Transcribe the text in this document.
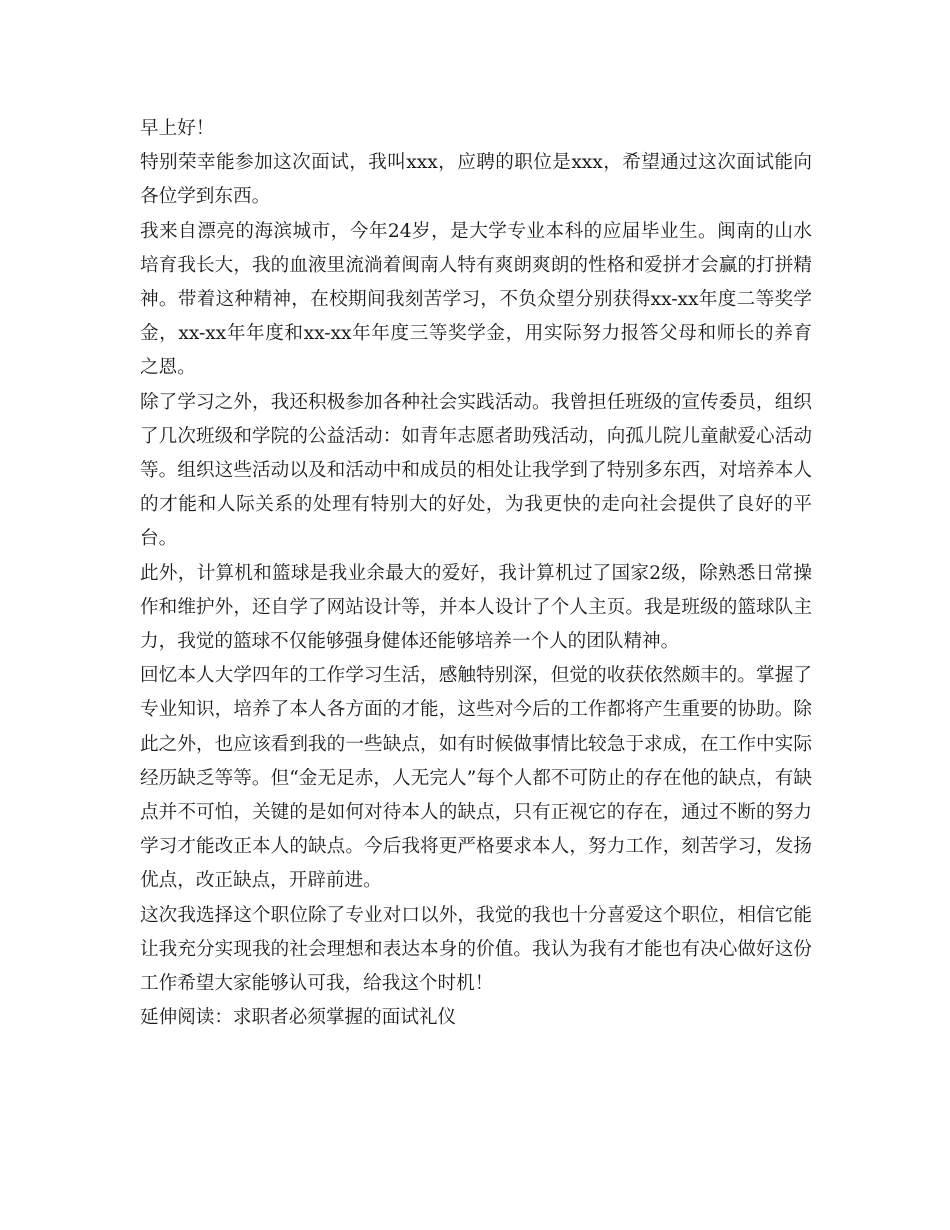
早上好！

特别荣幸能参加这次面试，我叫xxx，应聘的职位是xxx，希望通过这次面试能向各位学到东西。

我来自漂亮的海滨城市，今年24岁，是大学专业本科的应届毕业生。闽南的山水培育我长大，我的血液里流淌着闽南人特有爽朗爽朗的性格和爱拼才会赢的打拼精神。带着这种精神，在校期间我刻苦学习，不负众望分别获得xx-xx年度二等奖学金，xx-xx年年度和xx-xx年年度三等奖学金，用实际努力报答父母和师长的养育之恩。

除了学习之外，我还积极参加各种社会实践活动。我曾担任班级的宣传委员，组织了几次班级和学院的公益活动：如青年志愿者助残活动，向孤儿院儿童献爱心活动等。组织这些活动以及和活动中和成员的相处让我学到了特别多东西，对培养本人的才能和人际关系的处理有特别大的好处，为我更快的走向社会提供了良好的平台。

此外，计算机和篮球是我业余最大的爱好，我计算机过了国家2级，除熟悉日常操作和维护外，还自学了网站设计等，并本人设计了个人主页。我是班级的篮球队主力，我觉的篮球不仅能够强身健体还能够培养一个人的团队精神。

回忆本人大学四年的工作学习生活，感触特别深，但觉的收获依然颇丰的。掌握了专业知识，培养了本人各方面的才能，这些对今后的工作都将产生重要的协助。除此之外，也应该看到我的一些缺点，如有时候做事情比较急于求成，在工作中实际经历缺乏等等。但“金无足赤，人无完人”每个人都不可防止的存在他的缺点，有缺点并不可怕，关键的是如何对待本人的缺点，只有正视它的存在，通过不断的努力学习才能改正本人的缺点。今后我将更严格要求本人，努力工作，刻苦学习，发扬优点，改正缺点，开辟前进。

这次我选择这个职位除了专业对口以外，我觉的我也十分喜爱这个职位，相信它能让我充分实现我的社会理想和表达本身的价值。我认为我有才能也有决心做好这份工作希望大家能够认可我，给我这个时机！

延伸阅读：求职者必须掌握的面试礼仪
